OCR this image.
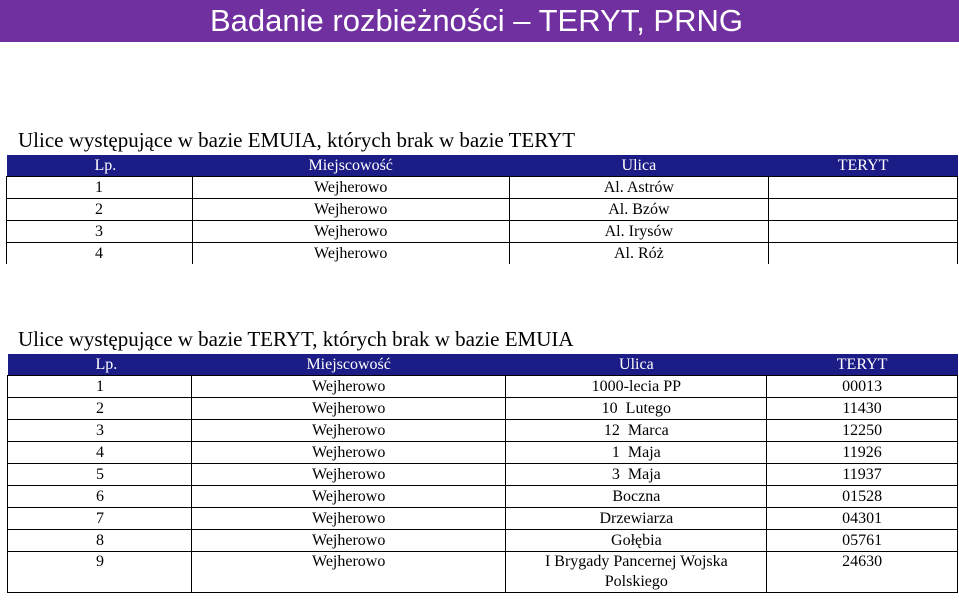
Badanie rozbieżności – TERYT, PRNG
Ulice występujące w bazie EMUIA, których brak w bazie TERYT
Lp.	Miejscowość	Ulica	TERYT
1	Wejherowo	Al. Astrów	
2	Wejherowo	Al. Bzów	
3	Wejherowo	Al. Irysów	
4	Wejherowo	Al. Róż	
Ulice występujące w bazie TERYT, których brak w bazie EMUIA
Lp.	Miejscowość	Ulica	TERYT
1	Wejherowo	1000-lecia PP	00013
2	Wejherowo	10  Lutego	11430
3	Wejherowo	12  Marca	12250
4	Wejherowo	1  Maja	11926
5	Wejherowo	3  Maja	11937
6	Wejherowo	Boczna	01528
7	Wejherowo	Drzewiarza	04301
8	Wejherowo	Gołębia	05761
9	Wejherowo	I Brygady Pancernej Wojska Polskiego	24630
